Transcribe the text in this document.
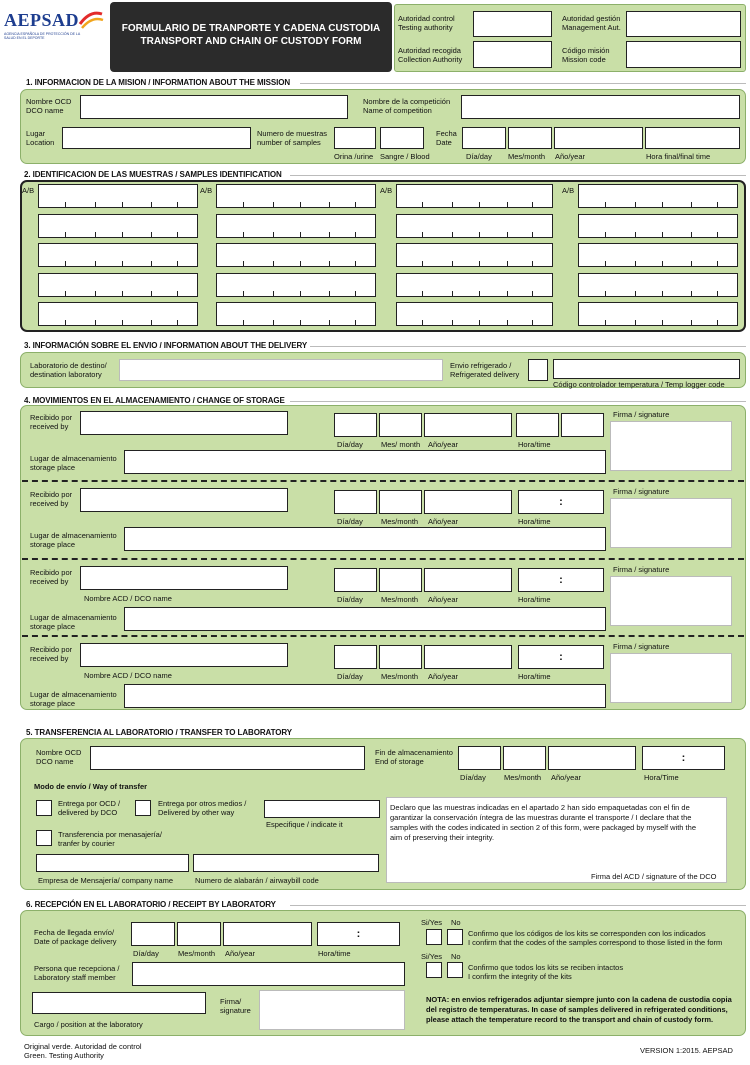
AEPSAD
AGENCIA ESPAÑOLA DE PROTECCIÓN DE LA SALUD EN EL DEPORTE
FORMULARIO DE TRANPORTE Y CADENA CUSTODIA
TRANSPORT AND CHAIN OF CUSTODY FORM
Autoridad control
Testing authority
Autoridad gestión
Management Aut.
Autoridad recogida
Collection Authority
Código misión
Mission code
1. INFORMACION DE LA MISION / INFORMATION ABOUT THE MISSION
Nombre OCD
DCO name
Nombre de la competición
Name of competition
Lugar
Location
Numero de muestras
number of samples
Orina /urine Sangre / Blood
Fecha
Date
Día/day Mes/month Año/year	Hora final/final time
2. IDENTIFICACION DE LAS MUESTRAS / SAMPLES IDENTIFICATION
A/B	A/B	A/B	A/B
3. INFORMACIÓN SOBRE EL ENVIO / INFORMATION ABOUT THE DELIVERY
Laboratorio de destino/
destination laboratory
Envio refrigerado /
Refrigerated delivery
Código controlador temperatura / Temp logger code
4. MOVIMIENTOS EN EL ALMACENAMIENTO / CHANGE OF STORAGE
Recibido por
received by
Día/day Mes/ month Año/year	Hora/time
Lugar de almacenamiento
storage place
Firma / signature
Recibido por
received by	:
Día/day Mes/month Año/year	Hora/time
Lugar de almacenamiento
storage place
Firma / signature
Recibido por
received by
Nombre ACD / DCO name
:
Día/day Mes/month Año/year	Hora/time
Lugar de almacenamiento
storage place
Firma / signature
Recibido por
received by
Nombre ACD / DCO name
:
Día/day Mes/month Año/year	Hora/time
Lugar de almacenamiento
storage place
Firma / signature
5. TRANSFERENCIA AL LABORATORIO / TRANSFER TO LABORATORY
Nombre OCD
DCO name
Fin de almacenamiento
End of storage	:
Día/day Mes/month Año/year	Hora/Time
Modo de envío / Way of transfer
Entrega por OCD /
delivered by DCO
Entrega por otros medios /
Delivered by other way
Especifique / indicate it
Transferencia por menasajería/
tranfer by courier
Empresa de Mensajería/ company name	Numero de alabarán / airwaybill code
Declaro que las muestras indicadas en el apartado 2 han sido empaquetadas con el fin de
garantizar la conservación íntegra de las muestras durante el transporte / I declare that the
samples with the codes indicated in section 2 of this form, were packaged by myself with the
aim of preserving their integrity.
Firma del ACD / signature of the DCO
6. RECEPCIÓN EN EL LABORATORIO / RECEIPT BY LABORATORY
Fecha de llegada envío/
Date of package delivery
:
Día/day	Mes/month Año/year	Hora/time
Persona que recepciona /
Laboratory staff member
Cargo / position at the laboratory
Firma/
signature
Si/Yes No
Confirmo que los códigos de los kits se corresponden con los indicados
I confirm that the codes of the samples correspond to those listed in the form
Si/Yes No
Confirmo que todos los kits se reciben intactos
I confirm the integrity of the kits
NOTA: en envios refrigerados adjuntar siempre junto con la cadena de custodia copia
del registro de temperaturas. In case of samples delivered in refrigerated conditions,
please attach the temperature record to the transport and chain of custody form.
Original verde. Autoridad de control
Green. Testing Authority
VERSION 1:2015. AEPSAD
